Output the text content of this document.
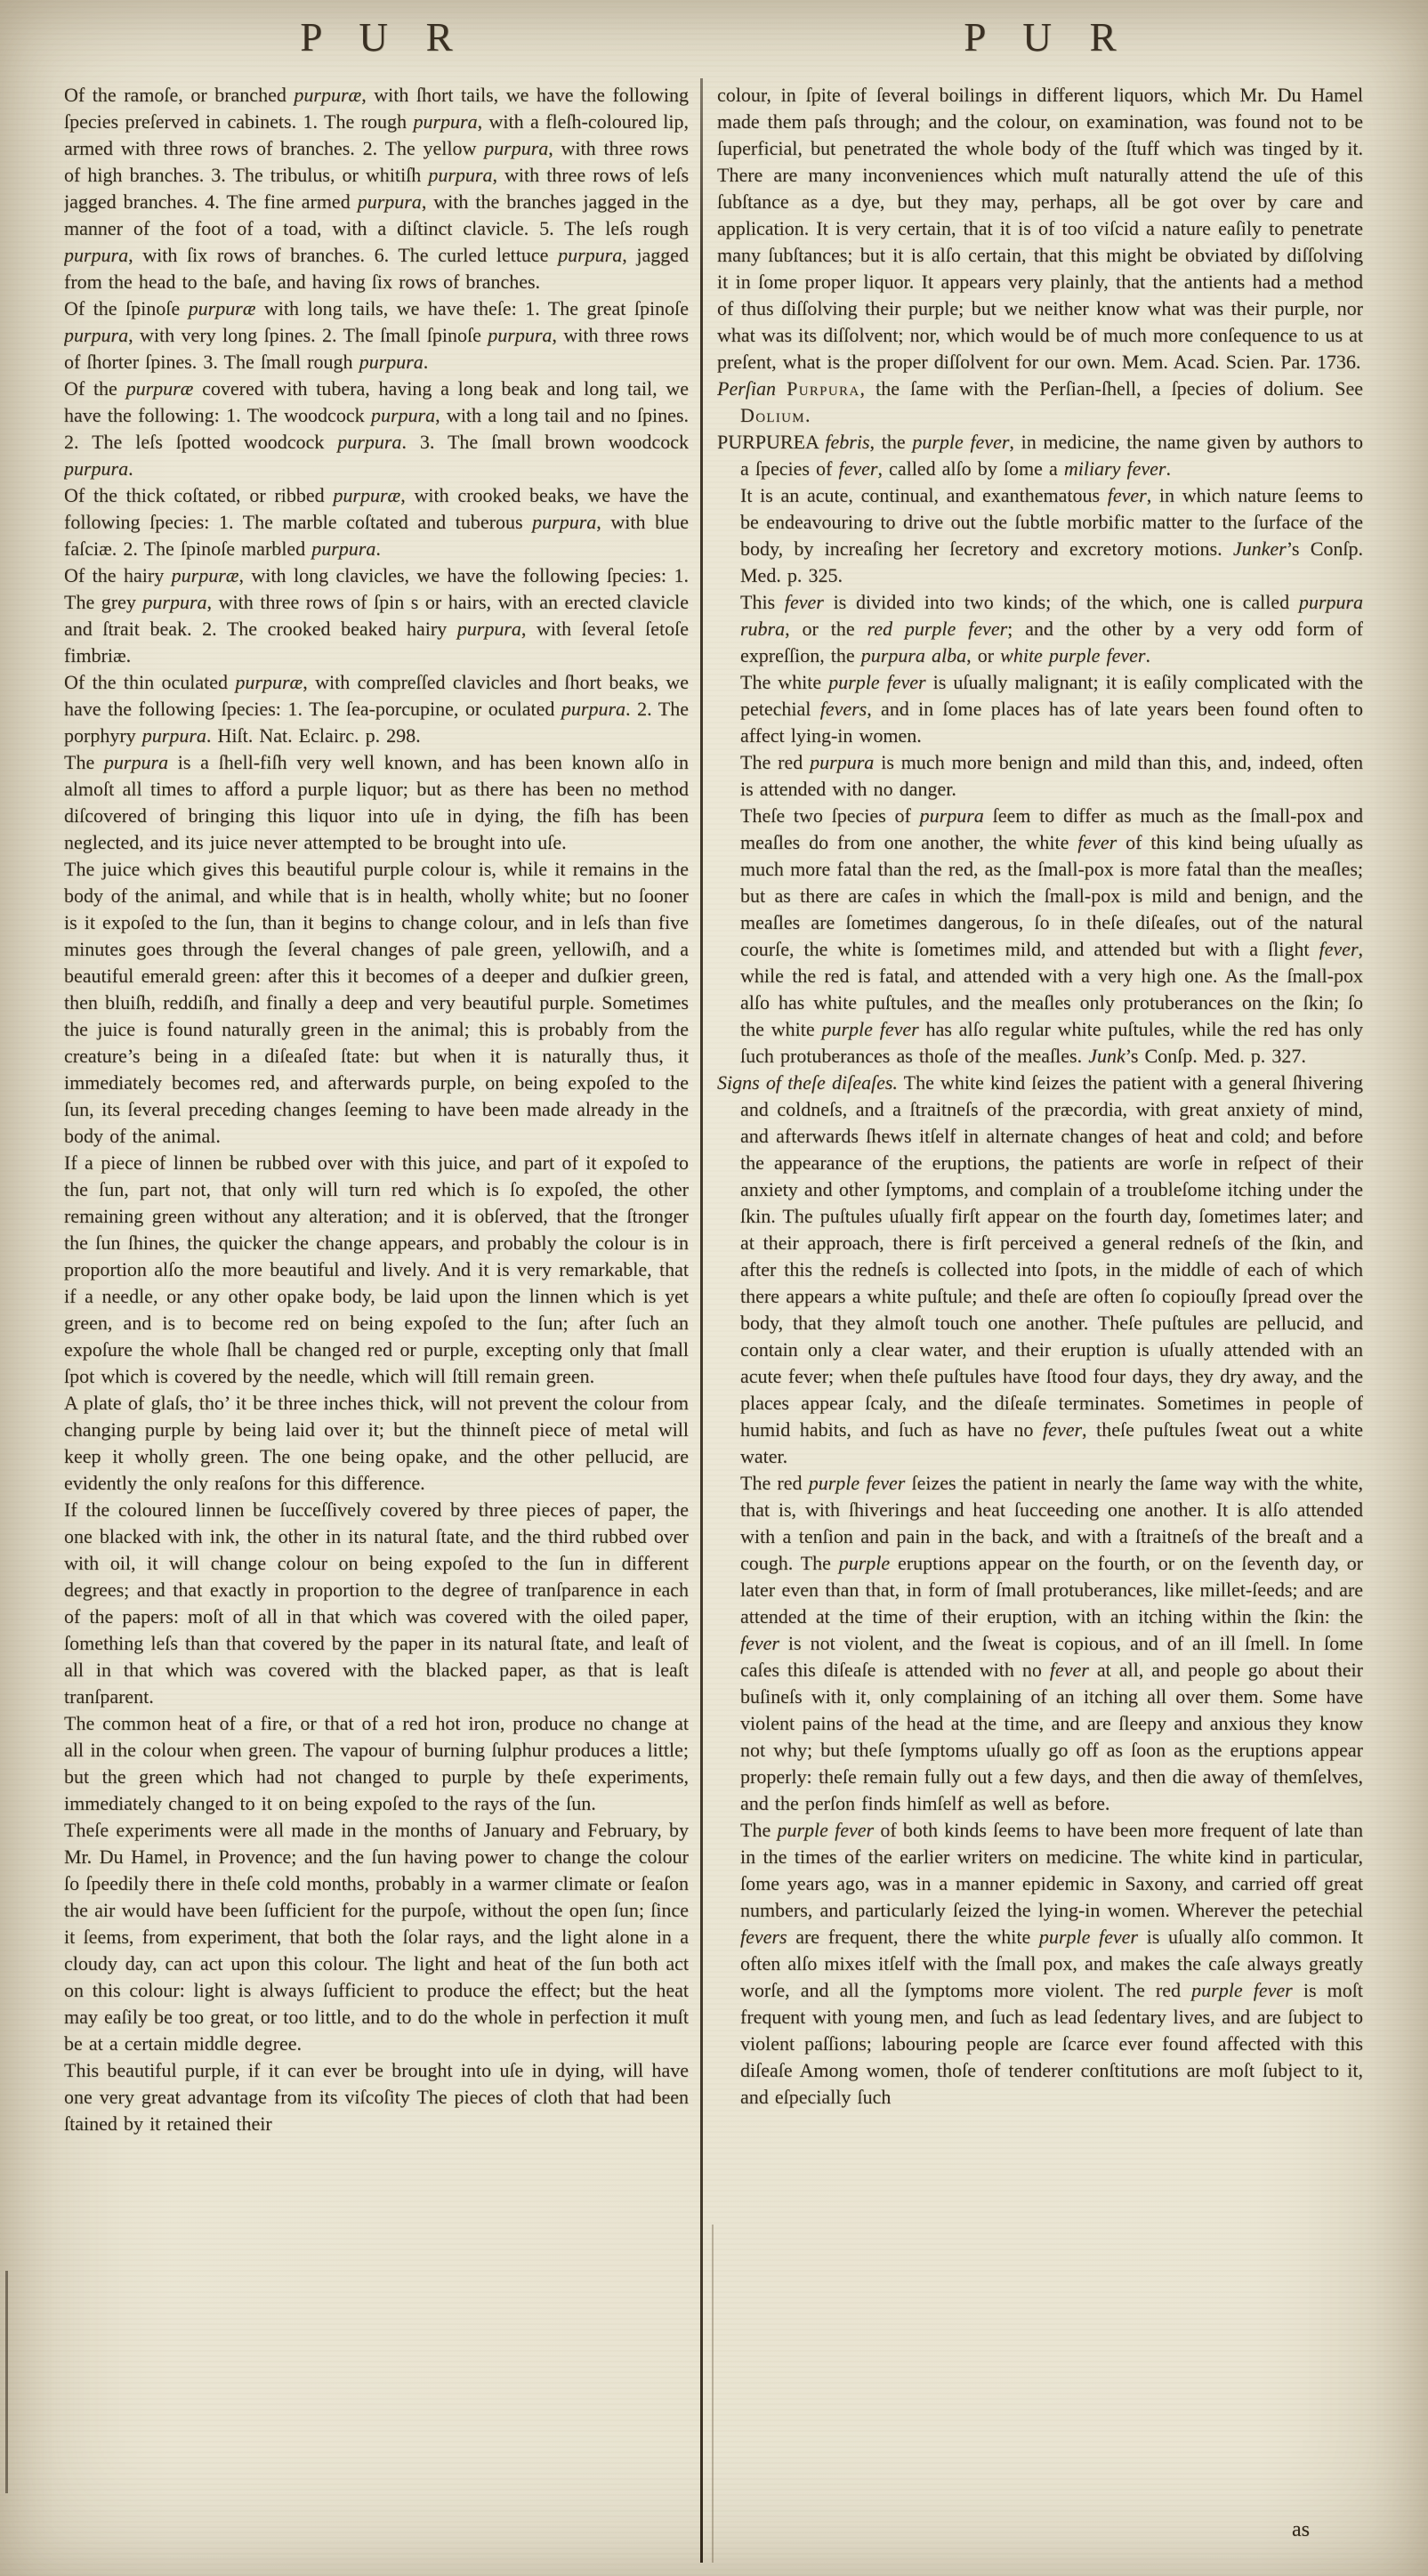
P U R	P U R

Of the ramoſe, or branched purpuræ, with ſhort tails, we have the following ſpecies preſerved in cabinets. 1. The rough purpura, with a fleſh-coloured lip, armed with three rows of branches. 2. The yellow purpura, with three rows of high branches. 3. The tribulus, or whitiſh purpura, with three rows of leſs jagged branches. 4. The fine armed purpura, with the branches jagged in the manner of the foot of a toad, with a diſtinct clavicle. 5. The leſs rough purpura, with ſix rows of branches. 6. The curled lettuce purpura, jagged from the head to the baſe, and having ſix rows of branches.

Of the ſpinoſe purpuræ with long tails, we have theſe: 1. The great ſpinoſe purpura, with very long ſpines. 2. The ſmall ſpinoſe purpura, with three rows of ſhorter ſpines. 3. The ſmall rough purpura.

Of the purpuræ covered with tubera, having a long beak and long tail, we have the following: 1. The woodcock purpura, with a long tail and no ſpines. 2. The leſs ſpotted woodcock purpura. 3. The ſmall brown woodcock purpura.

Of the thick coſtated, or ribbed purpuræ, with crooked beaks, we have the following ſpecies: 1. The marble coſtated and tuberous purpura, with blue faſciæ. 2. The ſpinoſe marbled purpura.

Of the hairy purpuræ, with long clavicles, we have the following ſpecies: 1. The grey purpura, with three rows of ſpin s or hairs, with an erected clavicle and ſtrait beak. 2. The crooked beaked hairy purpura, with ſeveral ſetoſe fimbriæ.

Of the thin oculated purpuræ, with compreſſed clavicles and ſhort beaks, we have the following ſpecies: 1. The ſea-porcupine, or oculated purpura. 2. The porphyry purpura. Hiſt. Nat. Eclairc. p. 298.

The purpura is a ſhell-fiſh very well known, and has been known alſo in almoſt all times to afford a purple liquor; but as there has been no method diſcovered of bringing this liquor into uſe in dying, the fiſh has been neglected, and its juice never attempted to be brought into uſe.

The juice which gives this beautiful purple colour is, while it remains in the body of the animal, and while that is in health, wholly white; but no ſooner is it expoſed to the ſun, than it begins to change colour, and in leſs than five minutes goes through the ſeveral changes of pale green, yellowiſh, and a beautiful emerald green: after this it becomes of a deeper and duſkier green, then bluiſh, reddiſh, and finally a deep and very beautiful purple. Sometimes the juice is found naturally green in the animal; this is probably from the creature’s being in a diſeaſed ſtate: but when it is naturally thus, it immediately becomes red, and afterwards purple, on being expoſed to the ſun, its ſeveral preceding changes ſeeming to have been made already in the body of the animal.

If a piece of linnen be rubbed over with this juice, and part of it expoſed to the ſun, part not, that only will turn red which is ſo expoſed, the other remaining green without any alteration; and it is obſerved, that the ſtronger the ſun ſhines, the quicker the change appears, and probably the colour is in proportion alſo the more beautiful and lively. And it is very remarkable, that if a needle, or any other opake body, be laid upon the linnen which is yet green, and is to become red on being expoſed to the ſun; after ſuch an expoſure the whole ſhall be changed red or purple, excepting only that ſmall ſpot which is covered by the needle, which will ſtill remain green.

A plate of glaſs, tho’ it be three inches thick, will not prevent the colour from changing purple by being laid over it; but the thinneſt piece of metal will keep it wholly green. The one being opake, and the other pellucid, are evidently the only reaſons for this difference.

If the coloured linnen be ſucceſſively covered by three pieces of paper, the one blacked with ink, the other in its natural ſtate, and the third rubbed over with oil, it will change colour on being expoſed to the ſun in different degrees; and that exactly in proportion to the degree of tranſparence in each of the papers: moſt of all in that which was covered with the oiled paper, ſomething leſs than that covered by the paper in its natural ſtate, and leaſt of all in that which was covered with the blacked paper, as that is leaſt tranſparent.

The common heat of a fire, or that of a red hot iron, produce no change at all in the colour when green. The vapour of burning ſulphur produces a little; but the green which had not changed to purple by theſe experiments, immediately changed to it on being expoſed to the rays of the ſun.

Theſe experiments were all made in the months of January and February, by Mr. Du Hamel, in Provence; and the ſun having power to change the colour ſo ſpeedily there in theſe cold months, probably in a warmer climate or ſeaſon the air would have been ſufficient for the purpoſe, without the open ſun; ſince it ſeems, from experiment, that both the ſolar rays, and the light alone in a cloudy day, can act upon this colour. The light and heat of the ſun both act on this colour: light is always ſufficient to produce the effect; but the heat may eaſily be too great, or too little, and to do the whole in perfection it muſt be at a certain middle degree.

This beautiful purple, if it can ever be brought into uſe in dying, will have one very great advantage from its viſcoſity The pieces of cloth that had been ſtained by it retained their

colour, in ſpite of ſeveral boilings in different liquors, which Mr. Du Hamel made them paſs through; and the colour, on examination, was found not to be ſuperficial, but penetrated the whole body of the ſtuff which was tinged by it. There are many inconveniences which muſt naturally attend the uſe of this ſubſtance as a dye, but they may, perhaps, all be got over by care and application. It is very certain, that it is of too viſcid a nature eaſily to penetrate many ſubſtances; but it is alſo certain, that this might be obviated by diſſolving it in ſome proper liquor. It appears very plainly, that the antients had a method of thus diſſolving their purple; but we neither know what was their purple, nor what was its diſſolvent; nor, which would be of much more conſequence to us at preſent, what is the proper diſſolvent for our own. Mem. Acad. Scien. Par. 1736.

Perſian Purpura, the ſame with the Perſian-ſhell, a ſpecies of dolium. See Dolium.

PURPUREA febris, the purple fever, in medicine, the name given by authors to a ſpecies of fever, called alſo by ſome a miliary fever.

It is an acute, continual, and exanthematous fever, in which nature ſeems to be endeavouring to drive out the ſubtle morbific matter to the ſurface of the body, by increaſing her ſecretory and excretory motions. Junker’s Conſp. Med. p. 325.

This fever is divided into two kinds; of the which, one is called purpura rubra, or the red purple fever; and the other by a very odd form of expreſſion, the purpura alba, or white purple fever.

The white purple fever is uſually malignant; it is eaſily complicated with the petechial fevers, and in ſome places has of late years been found often to affect lying-in women.

The red purpura is much more benign and mild than this, and, indeed, often is attended with no danger.

Theſe two ſpecies of purpura ſeem to differ as much as the ſmall-pox and meaſles do from one another, the white fever of this kind being uſually as much more fatal than the red, as the ſmall-pox is more fatal than the meaſles; but as there are caſes in which the ſmall-pox is mild and benign, and the meaſles are ſometimes dangerous, ſo in theſe diſeaſes, out of the natural courſe, the white is ſometimes mild, and attended but with a ſlight fever, while the red is fatal, and attended with a very high one. As the ſmall-pox alſo has white puſtules, and the meaſles only protuberances on the ſkin; ſo the white purple fever has alſo regular white puſtules, while the red has only ſuch protuberances as thoſe of the meaſles. Junk’s Conſp. Med. p. 327.

Signs of theſe diſeaſes. The white kind ſeizes the patient with a general ſhivering and coldneſs, and a ſtraitneſs of the præcordia, with great anxiety of mind, and afterwards ſhews itſelf in alternate changes of heat and cold; and before the appearance of the eruptions, the patients are worſe in reſpect of their anxiety and other ſymptoms, and complain of a troubleſome itching under the ſkin. The puſtules uſually firſt appear on the fourth day, ſometimes later; and at their approach, there is firſt perceived a general redneſs of the ſkin, and after this the redneſs is collected into ſpots, in the middle of each of which there appears a white puſtule; and theſe are often ſo copiouſly ſpread over the body, that they almoſt touch one another. Theſe puſtules are pellucid, and contain only a clear water, and their eruption is uſually attended with an acute fever; when theſe puſtules have ſtood four days, they dry away, and the places appear ſcaly, and the diſeaſe terminates. Sometimes in people of humid habits, and ſuch as have no fever, theſe puſtules ſweat out a white water.

The red purple fever ſeizes the patient in nearly the ſame way with the white, that is, with ſhiverings and heat ſucceeding one another. It is alſo attended with a tenſion and pain in the back, and with a ſtraitneſs of the breaſt and a cough. The purple eruptions appear on the fourth, or on the ſeventh day, or later even than that, in form of ſmall protuberances, like millet-ſeeds; and are attended at the time of their eruption, with an itching within the ſkin: the fever is not violent, and the ſweat is copious, and of an ill ſmell. In ſome caſes this diſeaſe is attended with no fever at all, and people go about their buſineſs with it, only complaining of an itching all over them. Some have violent pains of the head at the time, and are ſleepy and anxious they know not why; but theſe ſymptoms uſually go off as ſoon as the eruptions appear properly: theſe remain fully out a few days, and then die away of themſelves, and the perſon finds himſelf as well as before.

The purple fever of both kinds ſeems to have been more frequent of late than in the times of the earlier writers on medicine. The white kind in particular, ſome years ago, was in a manner epidemic in Saxony, and carried off great numbers, and particularly ſeized the lying-in women. Wherever the petechial fevers are frequent, there the white purple fever is uſually alſo common. It often alſo mixes itſelf with the ſmall pox, and makes the caſe always greatly worſe, and all the ſymptoms more violent. The red purple fever is moſt frequent with young men, and ſuch as lead ſedentary lives, and are ſubject to violent paſſions; labouring people are ſcarce ever found affected with this diſeaſe Among women, thoſe of tenderer conſtitutions are moſt ſubject to it, and eſpecially ſuch

as
